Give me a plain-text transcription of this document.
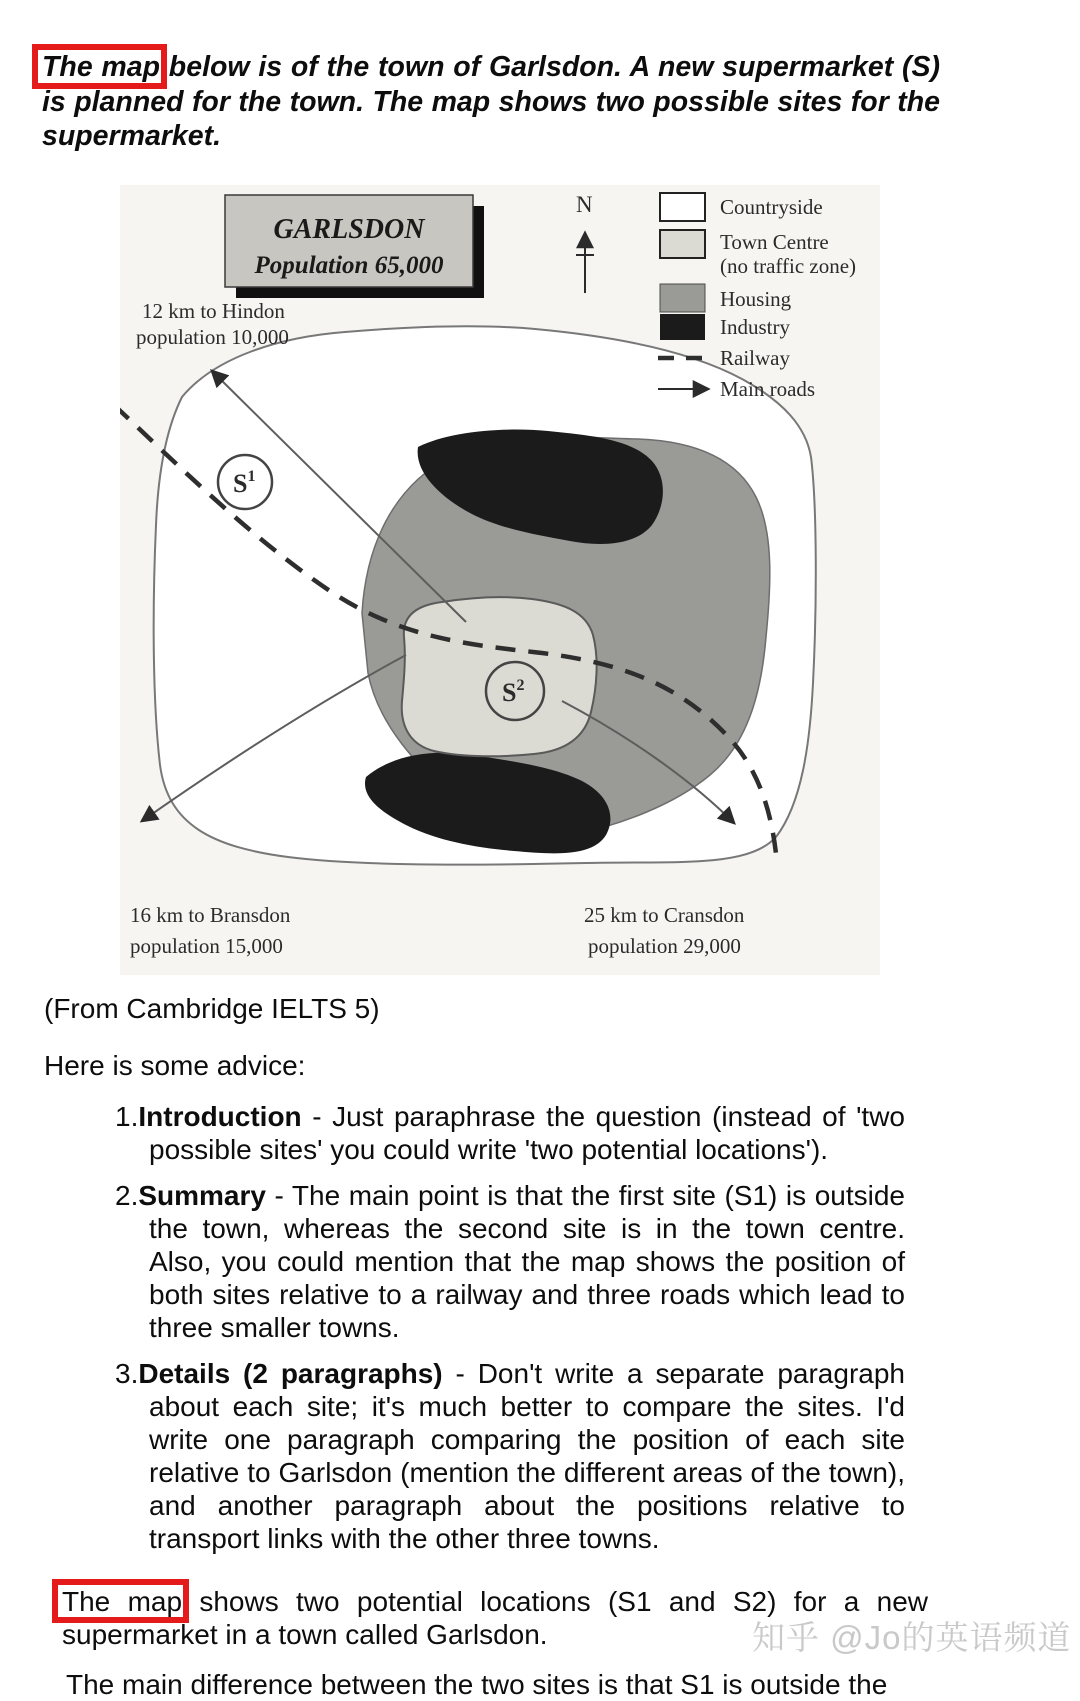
The map below is of the town of Garlsdon. A new supermarket (S) is planned for the town. The map shows two possible sites for the supermarket.

$S^1$
$S^2$
GARLSDON
Population 65,000
N	Countryside
Town Centre
(no traffic zone)
Housing
Industry
Railway
Main roads
12 km to Hindon
population 10,000
16 km to Bransdon
population 15,000
25 km to Cransdon
population 29,000

(From Cambridge IELTS 5)

Here is some advice:

1.Introduction - Just paraphrase the question (instead of 'two possible sites' you could write 'two potential locations').

2.Summary - The main point is that the first site (S1) is outside the town, whereas the second site is in the town centre. Also, you could mention that the map shows the position of both sites relative to a railway and three roads which lead to three smaller towns.

3.Details (2 paragraphs) - Don't write a separate paragraph about each site; it's much better to compare the sites. I'd write one paragraph comparing the position of each site relative to Garlsdon (mention the different areas of the town), and another paragraph about the positions relative to transport links with the other three towns.

The map shows two potential locations (S1 and S2) for a new supermarket in a town called Garlsdon.

The main difference between the two sites is that S1 is outside the

知乎 @Jo的英语频道
